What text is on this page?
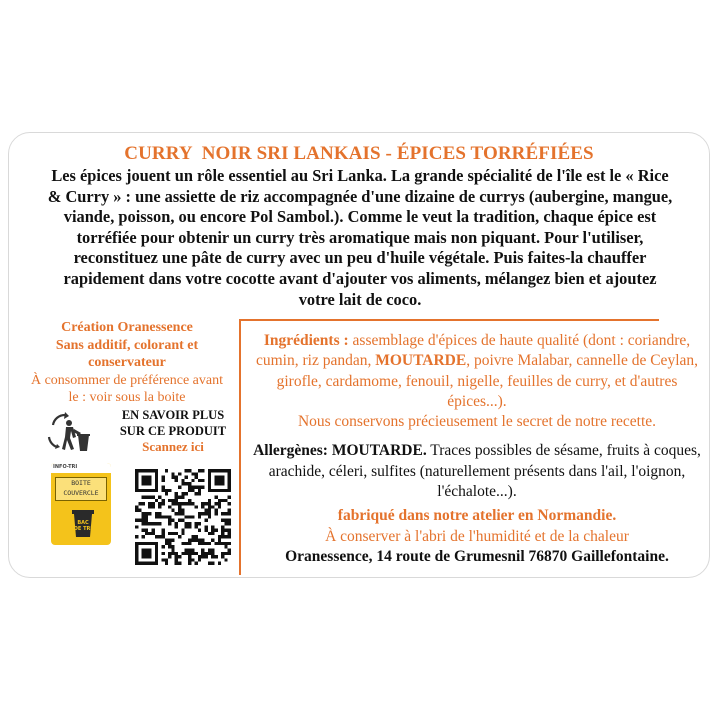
CURRY  NOIR SRI LANKAIS - ÉPICES TORRÉFIÉES
Les épices jouent un rôle essentiel au Sri Lanka. La grande spécialité de l'île est le « Rice & Curry » : une assiette de riz accompagnée d'une dizaine de currys (aubergine, mangue, viande, poisson, ou encore Pol Sambol.). Comme le veut la tradition, chaque épice est torréfiée pour obtenir un curry très aromatique mais non piquant. Pour l'utiliser, reconstituez une pâte de curry avec un peu d'huile végétale. Puis faites-la chauffer rapidement dans votre cocotte avant d'ajouter vos aliments, mélangez bien et ajoutez votre lait de coco.
Création Oranessence
Sans additif, colorant et conservateur
À consommer de préférence avant le : voir sous la boite
EN SAVOIR PLUS
SUR CE PRODUIT
Scannez ici
INFO-TRI
BOITE
COUVERCLE
BAC
DE TRI

Ingrédients : assemblage d'épices de haute qualité (dont : coriandre, cumin, riz pandan, MOUTARDE, poivre Malabar, cannelle de Ceylan, girofle, cardamome, fenouil, nigelle, feuilles de curry, et d'autres épices...).

Nous conservons précieusement le secret de notre recette.

Allergènes: MOUTARDE. Traces possibles de sésame, fruits à coques, arachide, céleri, sulfites (naturellement présents dans l'ail, l'oignon, l'échalote...).

fabriqué dans notre atelier en Normandie.

À conserver à l'abri de l'humidité et de la chaleur

Oranessence, 14 route de Grumesnil 76870 Gaillefontaine.
